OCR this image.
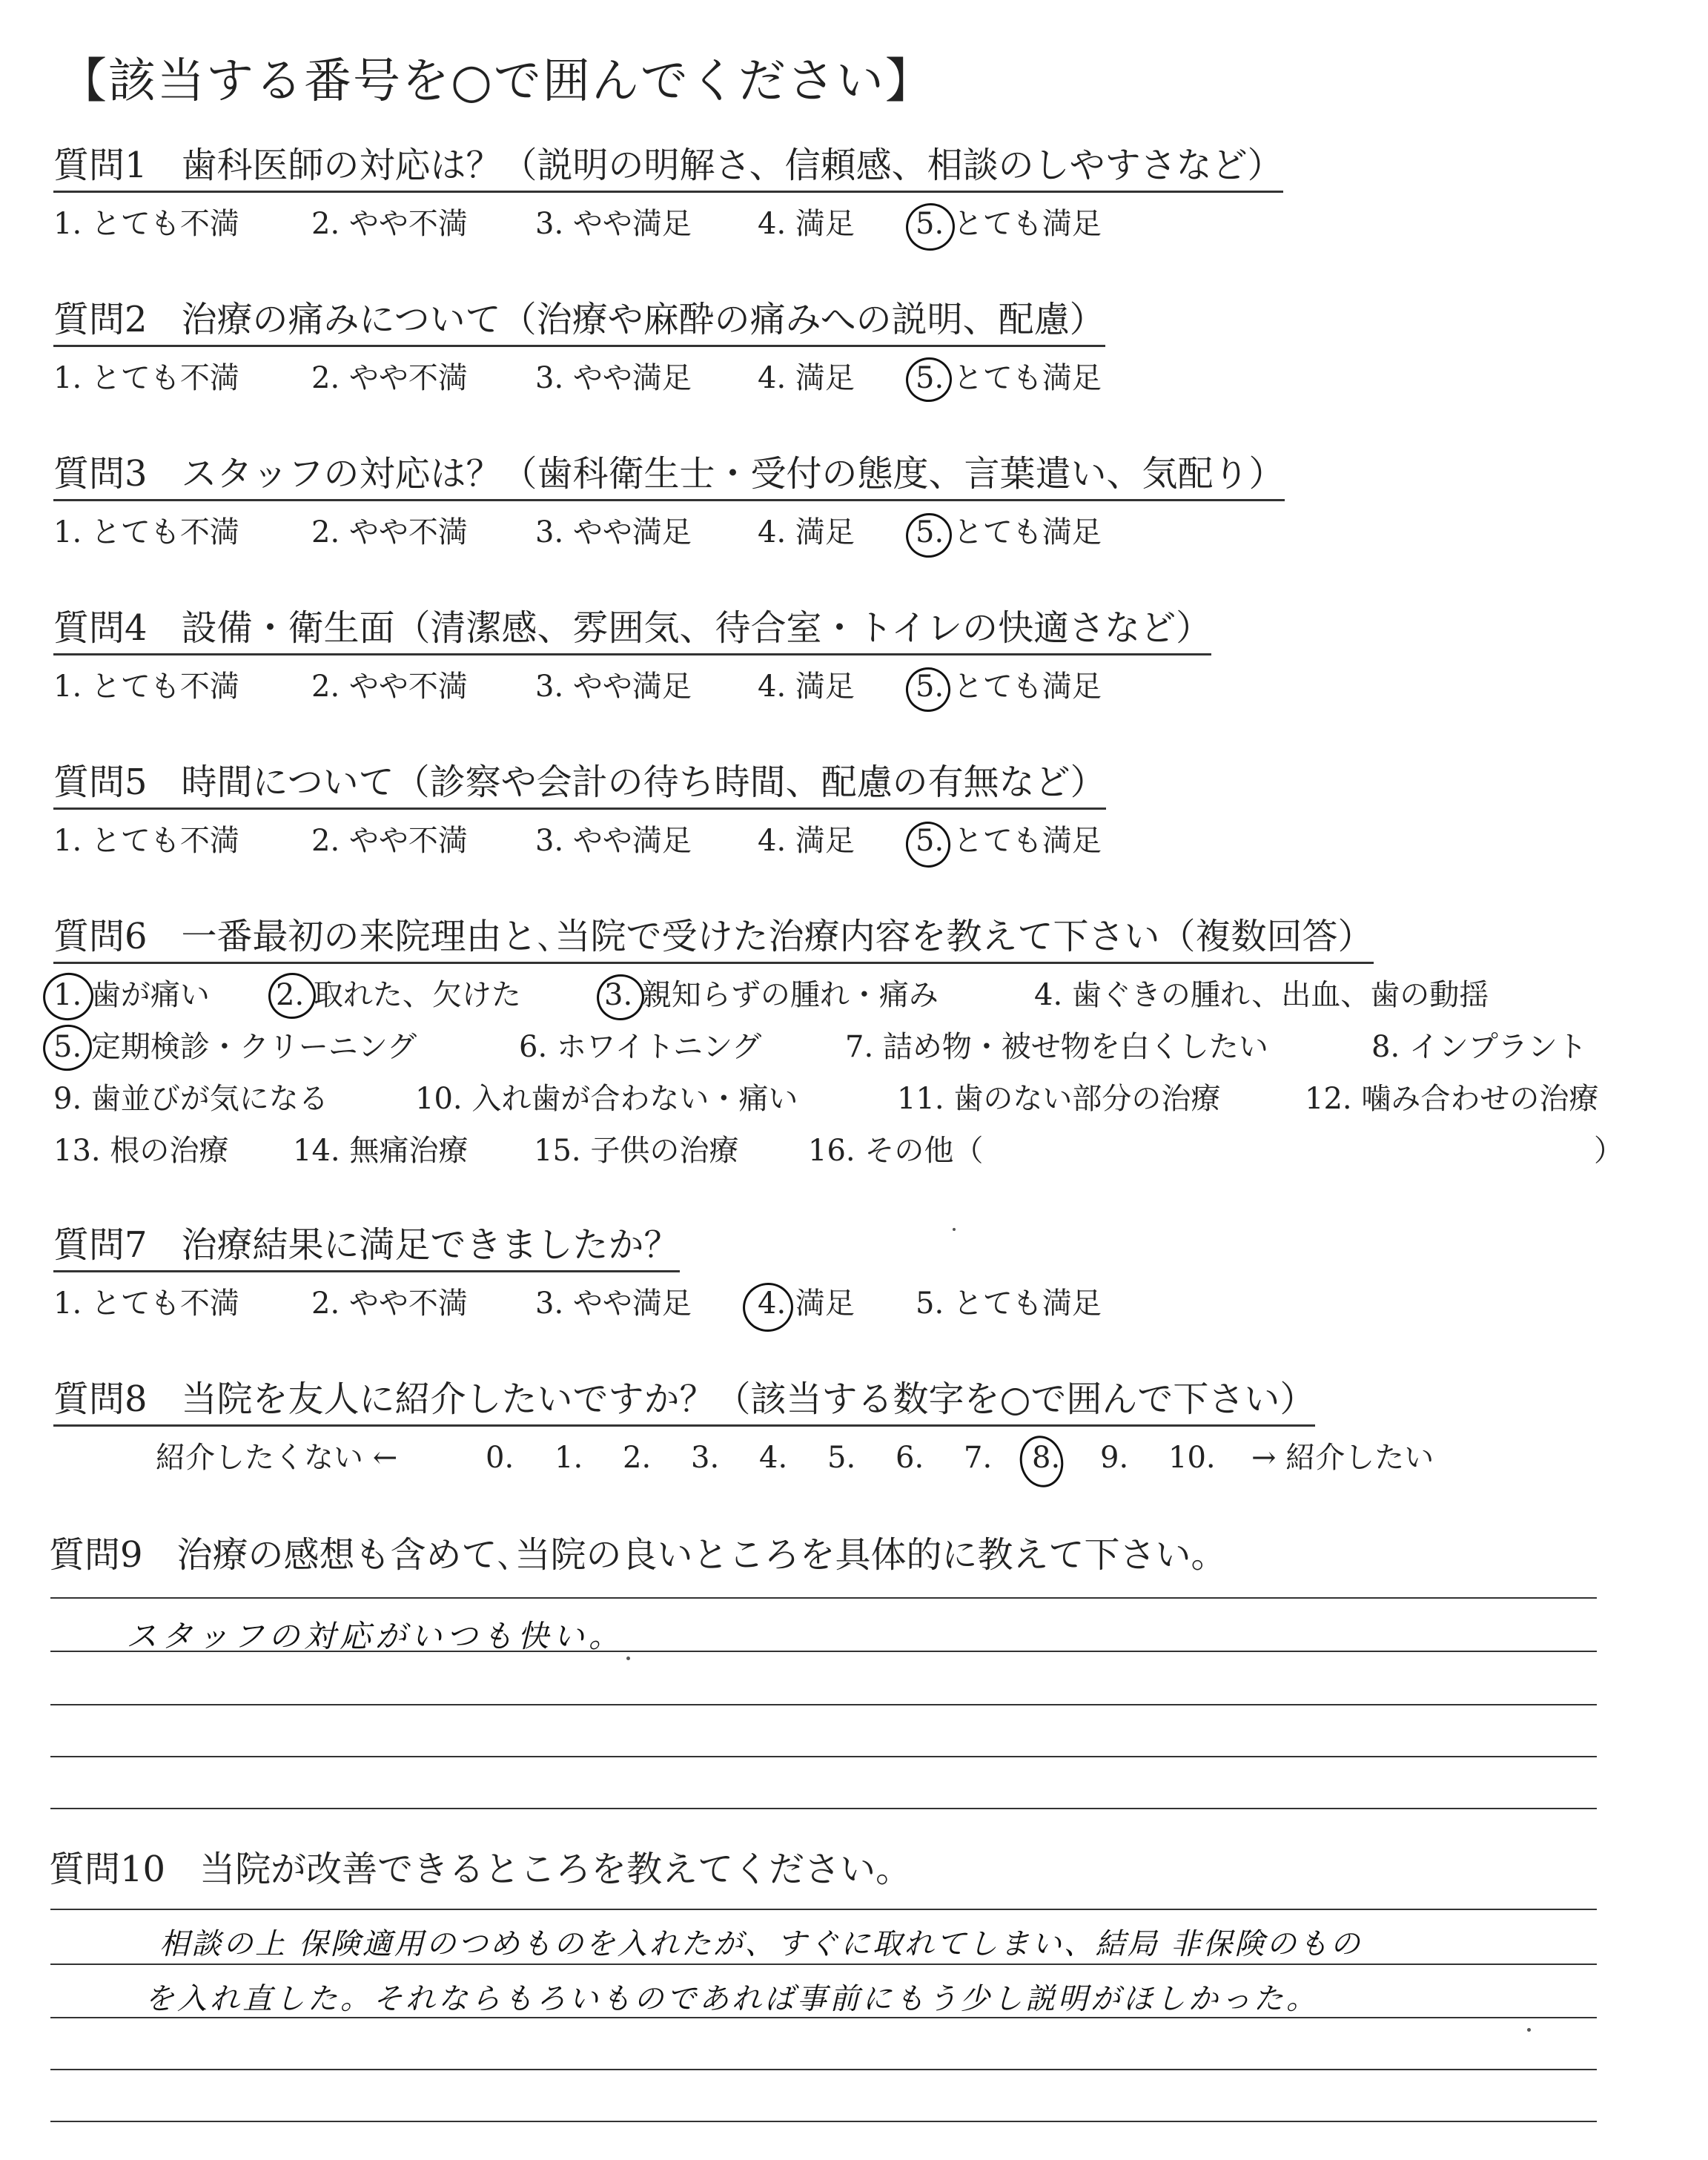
【該当する番号を○で囲んでください】
質問1 歯科医師の対応は？（説明の明解さ、信頼感、相談のしやすさなど）
1. とても不満 2. やや不満 3. やや満足 4. 満足 5. とても満足
質問2 治療の痛みについて（治療や麻酔の痛みへの説明、配慮）
1. とても不満 2. やや不満 3. やや満足 4. 満足 5. とても満足
質問3 スタッフの対応は？（歯科衛生士・受付の態度、言葉遣い、気配り）
1. とても不満 2. やや不満 3. やや満足 4. 満足 5. とても満足
質問4 設備・衛生面（清潔感、雰囲気、待合室・トイレの快適さなど）
1. とても不満 2. やや不満 3. やや満足 4. 満足 5. とても満足
質問5 時間について（診察や会計の待ち時間、配慮の有無など）
1. とても不満 2. やや不満 3. やや満足 4. 満足 5. とても満足
質問6 一番最初の来院理由と､当院で受けた治療内容を教えて下さい（複数回答）
1. 歯が痛い 2. 取れた、欠けた	3. 親知らずの腫れ・痛み	4. 歯ぐきの腫れ、出血、歯の動揺
5. 定期検診・クリーニング	6. ホワイトニング	7. 詰め物・被せ物を白くしたい	8. インプラント
9. 歯並びが気になる	10. 入れ歯が合わない・痛い	11. 歯のない部分の治療	12. 噛み合わせの治療
13. 根の治療 14. 無痛治療 15. 子供の治療 16. その他（	）
質問7 治療結果に満足できましたか？
1. とても不満 2. やや不満 3. やや満足 4. 満足 5. とても満足
質問8 当院を友人に紹介したいですか？（該当する数字を○で囲んで下さい）
紹介したくない ←	0. 1. 2. 3. 4. 5. 6. 7. 8. 9. 10. → 紹介したい
質問9 治療の感想も含めて､当院の良いところを具体的に教えて下さい。
スタッフの対応がいつも快い。
質問10 当院が改善できるところを教えてください。
相談の上 保険適用のつめものを入れたが、すぐに取れてしまい、結局 非保険のもの
を入れ直した。それならもろいものであれば事前にもう少し説明がほしかった。
